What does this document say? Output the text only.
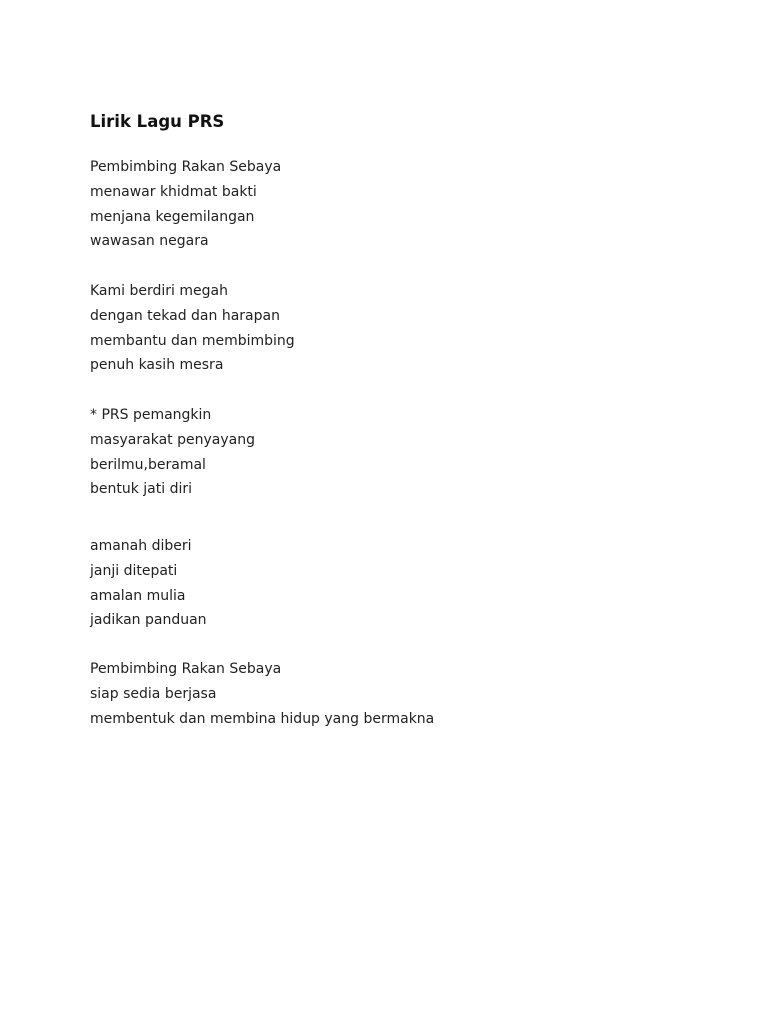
Lirik Lagu PRS
Pembimbing Rakan Sebaya
menawar khidmat bakti
menjana kegemilangan
wawasan negara
Kami berdiri megah
dengan tekad dan harapan
membantu dan membimbing
penuh kasih mesra
* PRS pemangkin
masyarakat penyayang
berilmu,beramal
bentuk jati diri
amanah diberi
janji ditepati
amalan mulia
jadikan panduan
Pembimbing Rakan Sebaya
siap sedia berjasa
membentuk dan membina hidup yang bermakna
